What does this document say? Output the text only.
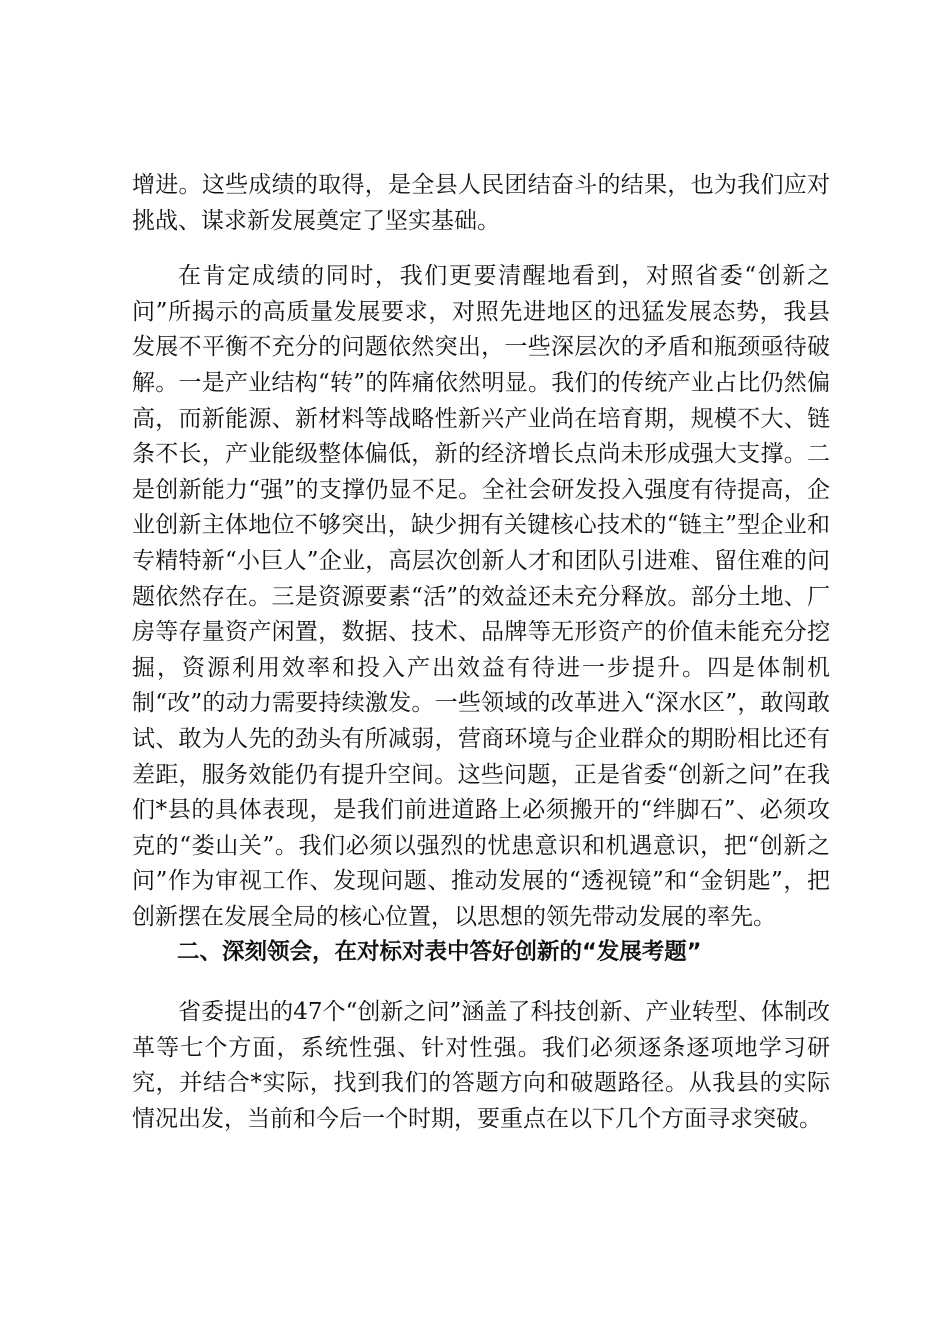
增进。这些成绩的取得，是全县人民团结奋斗的结果，也为我们应对挑战、谋求新发展奠定了坚实基础。

在肯定成绩的同时，我们更要清醒地看到，对照省委“创新之问”所揭示的高质量发展要求，对照先进地区的迅猛发展态势，我县发展不平衡不充分的问题依然突出，一些深层次的矛盾和瓶颈亟待破解。一是产业结构“转”的阵痛依然明显。我们的传统产业占比仍然偏高，而新能源、新材料等战略性新兴产业尚在培育期，规模不大、链条不长，产业能级整体偏低，新的经济增长点尚未形成强大支撑。二是创新能力“强”的支撑仍显不足。全社会研发投入强度有待提高，企业创新主体地位不够突出，缺少拥有关键核心技术的“链主”型企业和专精特新“小巨人”企业，高层次创新人才和团队引进难、留住难的问题依然存在。三是资源要素“活”的效益还未充分释放。部分土地、厂房等存量资产闲置，数据、技术、品牌等无形资产的价值未能充分挖掘，资源利用效率和投入产出效益有待进一步提升。四是体制机制“改”的动力需要持续激发。一些领域的改革进入“深水区”，敢闯敢试、敢为人先的劲头有所减弱，营商环境与企业群众的期盼相比还有差距，服务效能仍有提升空间。这些问题，正是省委“创新之问”在我们*县的具体表现，是我们前进道路上必须搬开的“绊脚石”、必须攻克的“娄山关”。我们必须以强烈的忧患意识和机遇意识，把“创新之问”作为审视工作、发现问题、推动发展的“透视镜”和“金钥匙”，把创新摆在发展全局的核心位置，以思想的领先带动发展的率先。

二、深刻领会，在对标对表中答好创新的“发展考题”

省委提出的47个“创新之问”涵盖了科技创新、产业转型、体制改革等七个方面，系统性强、针对性强。我们必须逐条逐项地学习研究，并结合*实际，找到我们的答题方向和破题路径。从我县的实际情况出发，当前和今后一个时期，要重点在以下几个方面寻求突破。
